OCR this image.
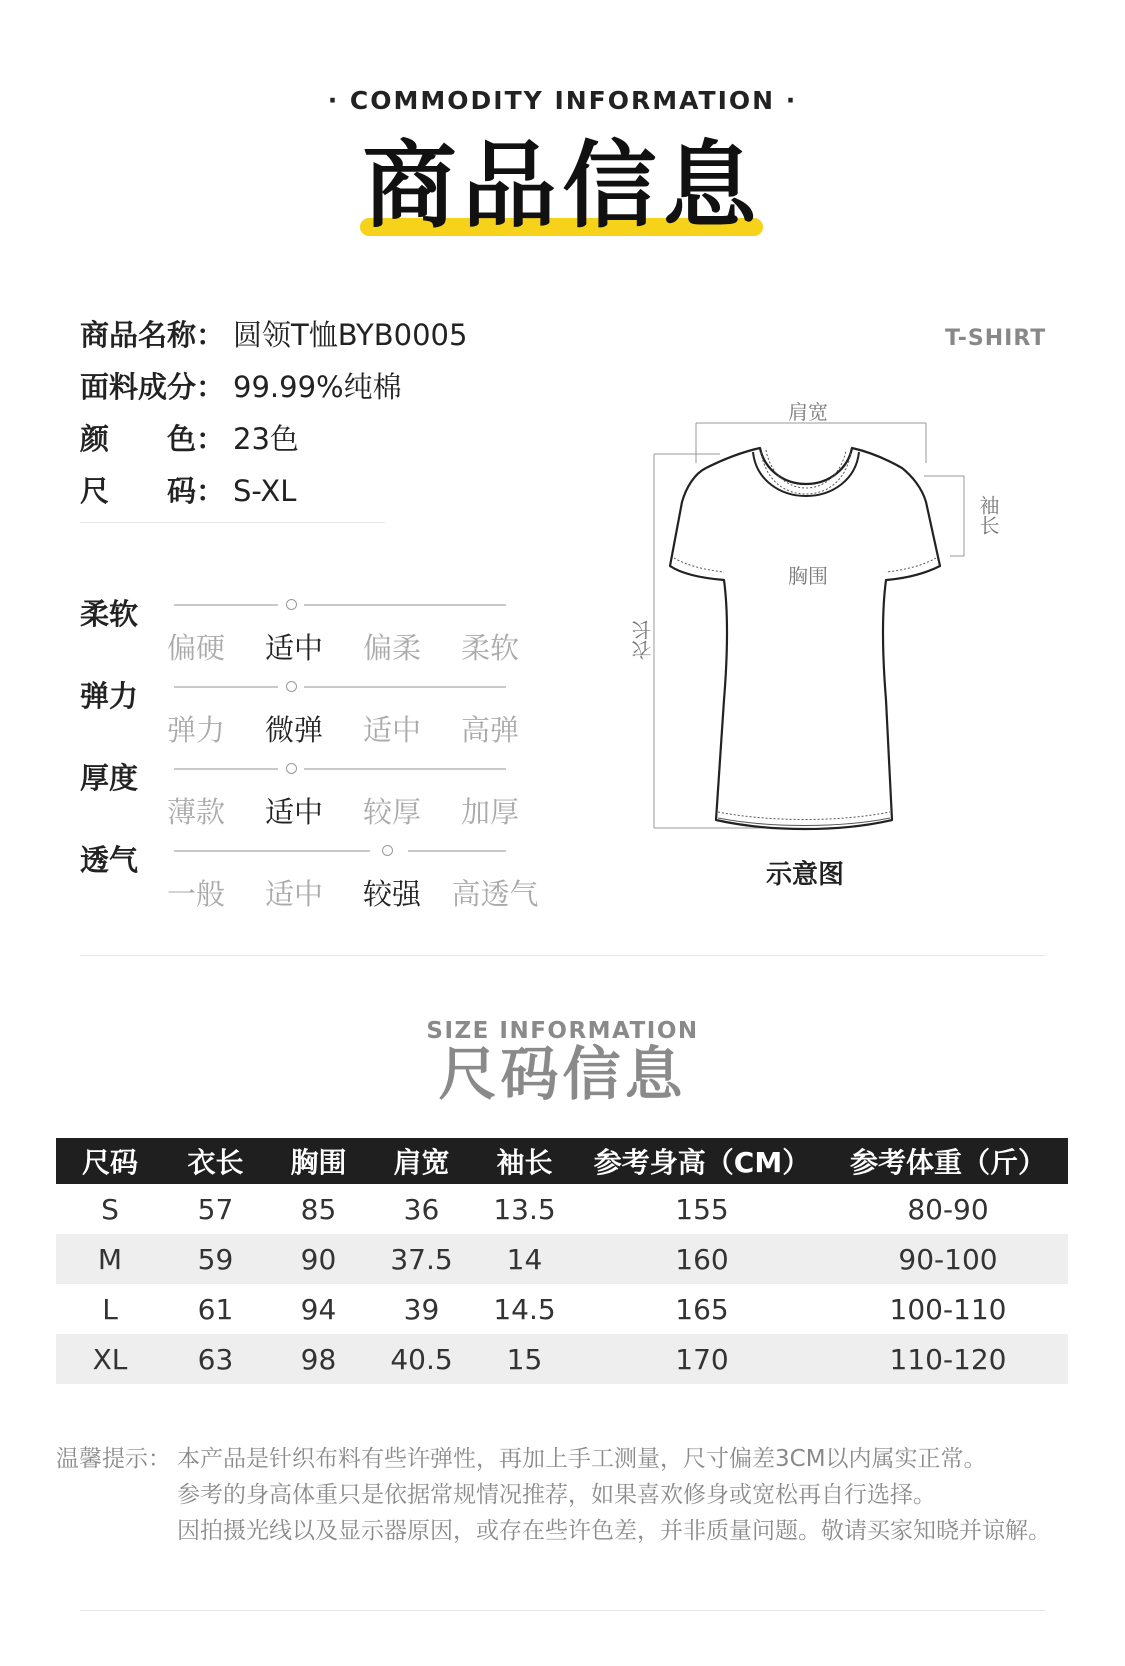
· COMMODITY INFORMATION ·
商品信息
商品名称： 圆领T恤BYB0005
面料成分： 99.99%纯棉
颜　　色： 23色
尺　　码： S-XL
柔软
偏硬	适中	偏柔	柔软
弹力
弹力	微弹	适中	高弹
厚度
薄款	适中	较厚	加厚
透气
一般	适中	较强	高透气
T-SHIRT
肩宽
胸围
袖长
衣长
示意图
SIZE INFORMATION
尺码信息
尺码	衣长	胸围	肩宽	袖长	参考身高（CM）	参考体重（斤）
S	57	85	36	13.5	155	80-90
M	59	90	37.5	14	160	90-100
L	61	94	39	14.5	165	100-110
XL	63	98	40.5	15	170	110-120
温馨提示： 本产品是针织布料有些许弹性，再加上手工测量，尺寸偏差3CM以内属实正常。
参考的身高体重只是依据常规情况推荐，如果喜欢修身或宽松再自行选择。
因拍摄光线以及显示器原因，或存在些许色差，并非质量问题。敬请买家知晓并谅解。
